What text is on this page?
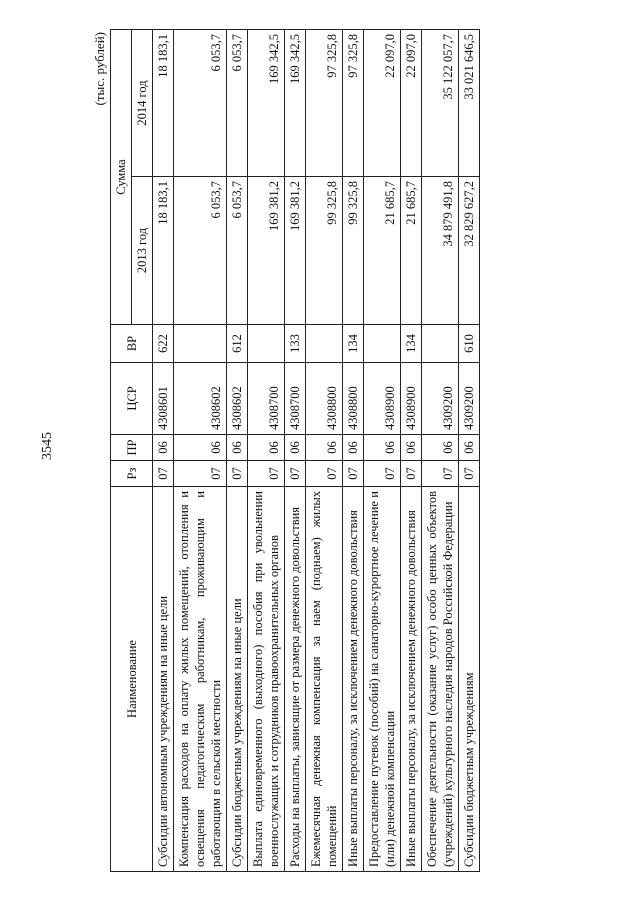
(тыс. рублей)
Наименование	Рз	ПР	ЦСР	ВР	Сумма	
					2013 год	2014 год
Субсидии автономным учреждениям на иные цели	07	06	4308601	622	18 183,1	18 183,1
Компенсация расходов на оплату жилых помещений, отопления и освещения педагогическим работникам, проживающим и работающим в сельской местности	07	06	4308602		6 053,7	6 053,7
Субсидии бюджетным учреждениям на иные цели	07	06	4308602	612	6 053,7	6 053,7
Выплата единовременного (выходного) пособия при увольнении военнослужащих и сотрудников правоохранительных органов	07	06	4308700		169 381,2	169 342,5
Расходы на выплаты, зависящие от размера денежного довольствия	07	06	4308700	133	169 381,2	169 342,5
Ежемесячная денежная компенсация за наем (поднаем) жилых помещений	07	06	4308800		99 325,8	97 325,8
Иные выплаты персоналу, за исключением денежного довольствия	07	06	4308800	134	99 325,8	97 325,8
Предоставление путевок (пособий) на санаторно-курортное лечение и (или) денежной компенсации	07	06	4308900		21 685,7	22 097,0
Иные выплаты персоналу, за исключением денежного довольствия	07	06	4308900	134	21 685,7	22 097,0
Обеспечение деятельности (оказание услуг) особо ценных объектов (учреждений) культурного наследия народов Российской Федерации	07	06	4309200		34 879 491,8	35 122 057,7
Субсидии бюджетным учреждениям	07	06	4309200	610	32 829 627,2	33 021 646,5
3545
